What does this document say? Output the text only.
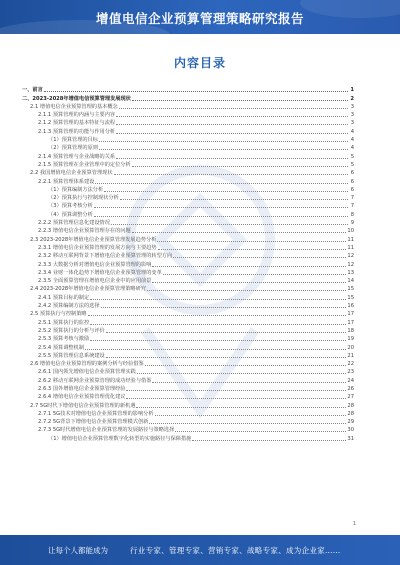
增值电信企业预算管理策略研究报告
内容目录
一、前言	1
二、2023-2028年增值电信预算管理发展现状	2
2.1 增值电信企业预算管理的基本概念	3
2.1.1 预算管理的内涵与主要内容	3
2.1.2 预算管理的基本特征与流程	3
2.1.3 预算管理的功能与作用分析	4
（1）预算管理的目标	4
（2）预算管理的原则	4
2.1.4 预算管理与企业战略的关系	5
2.1.5 预算管理在企业管理中的定位分析	5
2.2 我国增值电信企业预算管理现状	6
2.2.1 预算管理体系建设	6
（1）预算编制方法分析	6
（2）预算执行与控制现状分析	7
（3）预算考核分析	7
（4）预算调整分析	8
2.2.2 预算管理信息化建设情况	9
2.2.3 增值电信企业预算管理存在的问题	10
2.3 2023-2028年增值电信企业预算管理发展趋势分析	11
2.3.1 增值电信企业预算管理的发展方向与主要趋势	11
2.3.2 移动互联网背景下增值电信企业预算管理的转型方向	12
2.3.3 大数据分析对增值电信企业预算管理的影响	12
2.3.4 业财一体化趋势下增值电信企业预算管理的变革	13
2.3.5 全面预算管理在增值电信企业中的应用前景	14
2.4 2023-2028年增值电信企业预算管理策略研究	15
2.4.1 预算目标的制定	15
2.4.2 预算编制方法的选择	16
2.5 预算执行与控制策略	17
2.5.1 预算执行的监控	17
2.5.2 预算执行的分析与评价	18
2.5.3 预算考核与激励	19
2.5.4 预算调整机制	20
2.5.5 预算管理信息系统建设	21
2.6 增值电信企业预算管理的案例分析与经验借鉴	22
2.6.1 国内领先增值电信企业预算管理实践	23
2.6.2 移动互联网企业预算管理的成功经验与借鉴	24
2.6.3 国外增值电信企业预算管理经验	26
2.6.4 增值电信企业预算管理优化建议	27
2.7 5G时代下增值电信企业预算管理的新机遇	28
2.7.1 5G技术对增值电信企业预算管理的影响分析	28
2.7.2 5G背景下增值电信企业预算管理模式创新	29
2.7.3 5G时代增值电信企业预算管理的发展路径与策略选择	30
（1）增值电信企业预算管理数字化转型的实施路径与保障措施	31
1
让每个人都能成为	行业专家、管理专家、营销专家、战略专家、成为企业家……
